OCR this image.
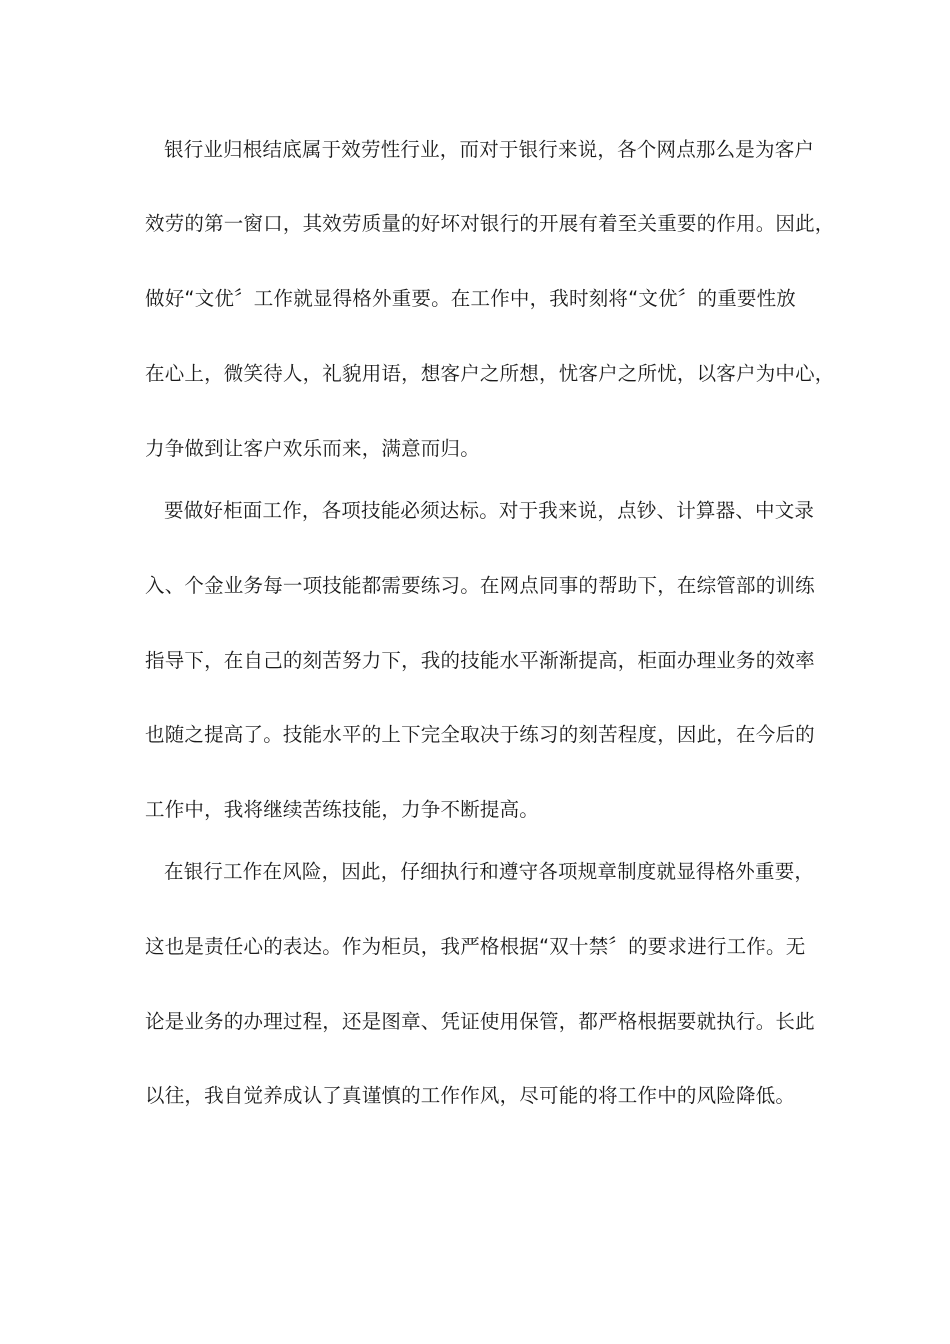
银行业归根结底属于效劳性行业，而对于银行来说，各个网点那么是为客户
效劳的第一窗口，其效劳质量的好坏对银行的开展有着至关重要的作用。因此，
做好“文优〞工作就显得格外重要。在工作中，我时刻将“文优〞的重要性放
在心上，微笑待人，礼貌用语，想客户之所想，忧客户之所忧，以客户为中心，
力争做到让客户欢乐而来，满意而归。
要做好柜面工作，各项技能必须达标。对于我来说，点钞、计算器、中文录
入、个金业务每一项技能都需要练习。在网点同事的帮助下，在综管部的训练
指导下，在自己的刻苦努力下，我的技能水平渐渐提高，柜面办理业务的效率
也随之提高了。技能水平的上下完全取决于练习的刻苦程度，因此，在今后的
工作中，我将继续苦练技能，力争不断提高。
在银行工作在风险，因此，仔细执行和遵守各项规章制度就显得格外重要，
这也是责任心的表达。作为柜员，我严格根据“双十禁〞的要求进行工作。无
论是业务的办理过程，还是图章、凭证使用保管，都严格根据要就执行。长此
以往，我自觉养成认了真谨慎的工作作风，尽可能的将工作中的风险降低。
